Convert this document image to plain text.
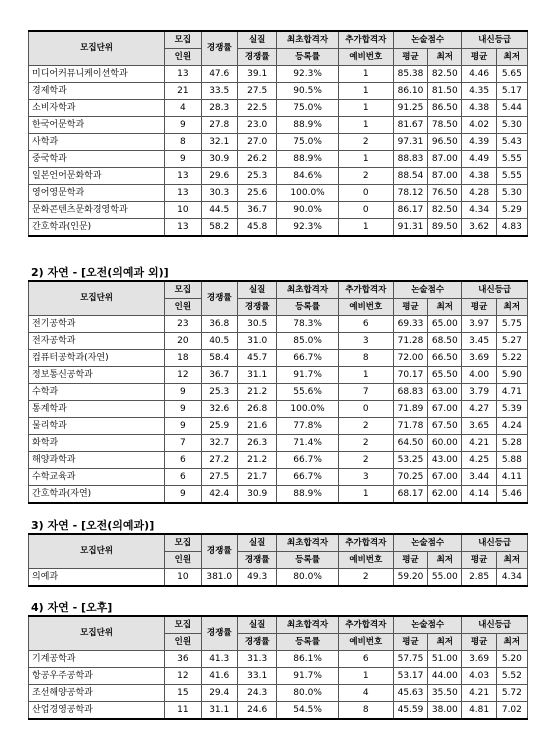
모집단위	모집	경쟁률	실질	최초합격자	추가합격자	논술점수		내신등급	
	인원		경쟁률	등록률	예비번호	평균	최저	평균	최저
미디어커뮤니케이션학과	13	47.6	39.1	92.3%	1	85.38	82.50	4.46	5.65
경제학과	21	33.5	27.5	90.5%	1	86.10	81.50	4.35	5.17
소비자학과	4	28.3	22.5	75.0%	1	91.25	86.50	4.38	5.44
한국어문학과	9	27.8	23.0	88.9%	1	81.67	78.50	4.02	5.30
사학과	8	32.1	27.0	75.0%	2	97.31	96.50	4.39	5.43
중국학과	9	30.9	26.2	88.9%	1	88.83	87.00	4.49	5.55
일본언어문화학과	13	29.6	25.3	84.6%	2	88.54	87.00	4.38	5.55
영어영문학과	13	30.3	25.6	100.0%	0	78.12	76.50	4.28	5.30
문화콘텐츠문화경영학과	10	44.5	36.7	90.0%	0	86.17	82.50	4.34	5.29
간호학과(인문)	13	58.2	45.8	92.3%	1	91.31	89.50	3.62	4.83
2) 자연 - [오전(의예과 외)]
모집단위	모집	경쟁률	실질	최초합격자	추가합격자	논술점수		내신등급	
	인원		경쟁률	등록률	예비번호	평균	최저	평균	최저
전기공학과	23	36.8	30.5	78.3%	6	69.33	65.00	3.97	5.75
전자공학과	20	40.5	31.0	85.0%	3	71.28	68.50	3.45	5.27
컴퓨터공학과(자연)	18	58.4	45.7	66.7%	8	72.00	66.50	3.69	5.22
정보통신공학과	12	36.7	31.1	91.7%	1	70.17	65.50	4.00	5.90
수학과	9	25.3	21.2	55.6%	7	68.83	63.00	3.79	4.71
통계학과	9	32.6	26.8	100.0%	0	71.89	67.00	4.27	5.39
물리학과	9	25.9	21.6	77.8%	2	71.78	67.50	3.65	4.24
화학과	7	32.7	26.3	71.4%	2	64.50	60.00	4.21	5.28
해양과학과	6	27.2	21.2	66.7%	2	53.25	43.00	4.25	5.88
수학교육과	6	27.5	21.7	66.7%	3	70.25	67.00	3.44	4.11
간호학과(자연)	9	42.4	30.9	88.9%	1	68.17	62.00	4.14	5.46
3) 자연 - [오전(의예과)]
모집단위	모집	경쟁률	실질	최초합격자	추가합격자	논술점수		내신등급	
	인원		경쟁률	등록률	예비번호	평균	최저	평균	최저
의예과	10	381.0	49.3	80.0%	2	59.20	55.00	2.85	4.34
4) 자연 - [오후]
모집단위	모집	경쟁률	실질	최초합격자	추가합격자	논술점수		내신등급	
	인원		경쟁률	등록률	예비번호	평균	최저	평균	최저
기계공학과	36	41.3	31.3	86.1%	6	57.75	51.00	3.69	5.20
항공우주공학과	12	41.6	33.1	91.7%	1	53.17	44.00	4.03	5.52
조선해양공학과	15	29.4	24.3	80.0%	4	45.63	35.50	4.21	5.72
산업경영공학과	11	31.1	24.6	54.5%	8	45.59	38.00	4.81	7.02
